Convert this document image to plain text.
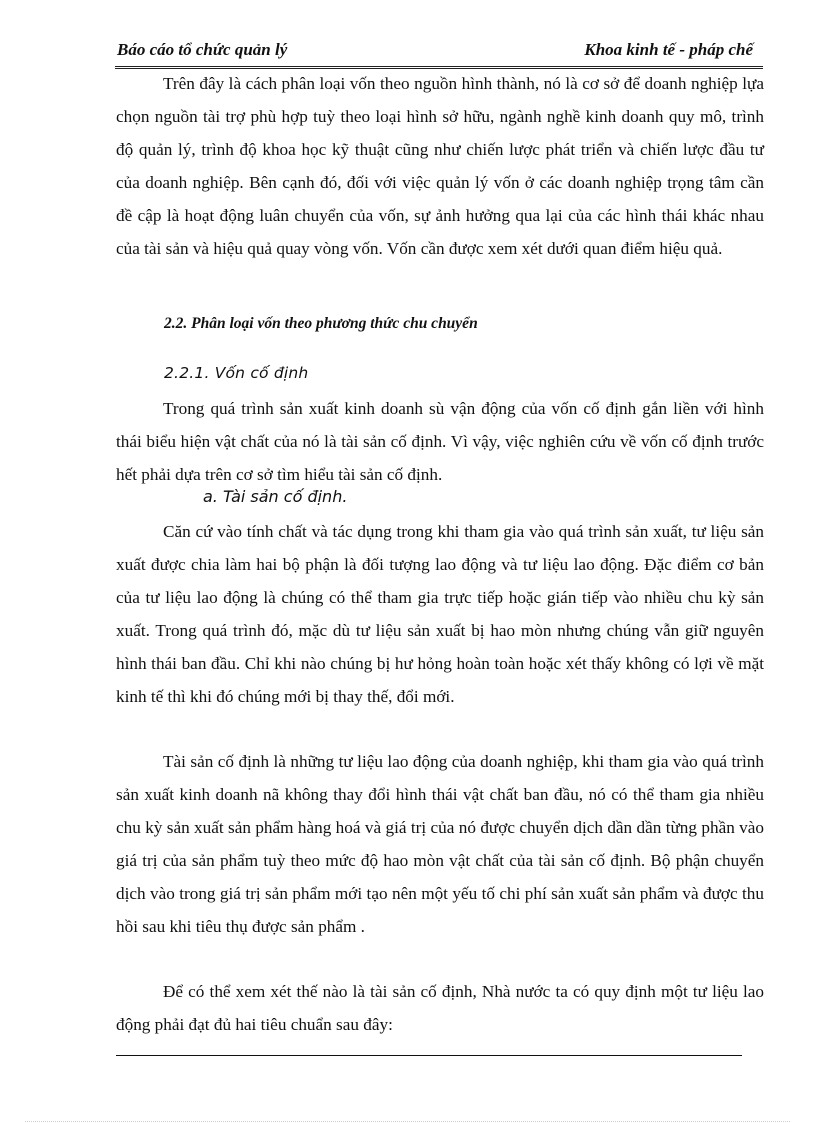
Báo cáo tổ chức quản lý	Khoa kinh tế - pháp chế

Trên đây là cách phân loại vốn theo nguồn hình thành, nó là cơ sở để doanh nghiệp lựa chọn nguồn tài trợ phù hợp tuỳ theo loại hình sở hữu, ngành nghề kinh doanh quy mô, trình độ quản lý, trình độ khoa học kỹ thuật cũng như chiến lược phát triển và chiến lược đầu tư của doanh nghiệp. Bên cạnh đó, đối với việc quản lý vốn ở các doanh nghiệp trọng tâm cần đề cập là hoạt động luân chuyển của vốn, sự ảnh hưởng qua lại của các hình thái khác nhau của tài sản và hiệu quả quay vòng vốn. Vốn cần được xem xét dưới quan điểm hiệu quả.

2.2. Phân loại vốn theo phương thức chu chuyển

2.2.1. Vốn cố định

Trong quá trình sản xuất kinh doanh sù vận động của vốn cố định gắn liền với hình thái biểu hiện vật chất của nó là tài sản cố định. Vì vậy, việc nghiên cứu về vốn cố định trước hết phải dựa trên cơ sở tìm hiểu tài sản cố định.

a. Tài sản cố định.

Căn cứ vào tính chất và tác dụng trong khi tham gia vào quá trình sản xuất, tư liệu sản xuất được chia làm hai bộ phận là đối tượng lao động và tư liệu lao động. Đặc điểm cơ bản của tư liệu lao động là chúng có thể tham gia trực tiếp hoặc gián tiếp vào nhiều chu kỳ sản xuất. Trong quá trình đó, mặc dù tư liệu sản xuất bị hao mòn nhưng chúng vẫn giữ nguyên hình thái ban đầu. Chỉ khi nào chúng bị hư hỏng hoàn toàn hoặc xét thấy không có lợi về mặt kinh tế thì khi đó chúng mới bị thay thế, đổi mới.

Tài sản cố định là những tư liệu lao động của doanh nghiệp, khi tham gia vào quá trình sản xuất kinh doanh nã không thay đổi hình thái vật chất ban đầu, nó có thể tham gia nhiều chu kỳ sản xuất sản phẩm hàng hoá và giá trị của nó được chuyển dịch dần dần từng phần vào giá trị của sản phẩm tuỳ theo mức độ hao mòn vật chất của tài sản cố định. Bộ phận chuyển dịch vào trong giá trị sản phẩm mới tạo nên một yếu tố chi phí sản xuất sản phẩm và được thu hồi sau khi tiêu thụ được sản phẩm .

Để có thể xem xét thế nào là tài sản cố định, Nhà nước ta có quy định một tư liệu lao động phải đạt đủ hai tiêu chuẩn sau đây:
